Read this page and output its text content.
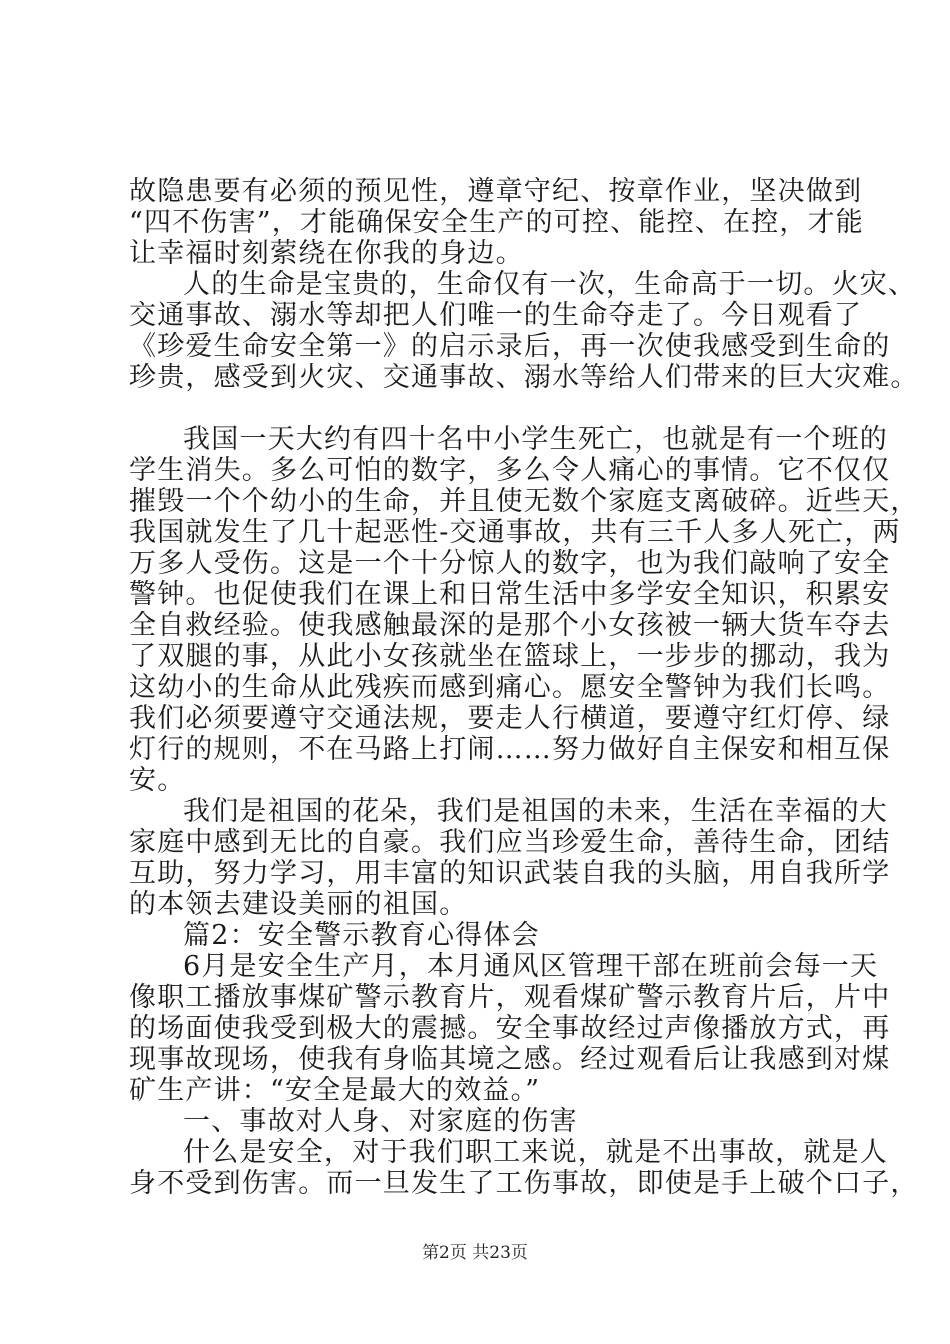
故隐患要有必须的预见性，遵章守纪、按章作业，坚决做到
“四不伤害”，才能确保安全生产的可控、能控、在控，才能
让幸福时刻萦绕在你我的身边。
人的生命是宝贵的，生命仅有一次，生命高于一切。火灾、
交通事故、溺水等却把人们唯一的生命夺走了。今日观看了
《珍爱生命安全第一》的启示录后，再一次使我感受到生命的
珍贵，感受到火灾、交通事故、溺水等给人们带来的巨大灾难。
我国一天大约有四十名中小学生死亡，也就是有一个班的
学生消失。多么可怕的数字，多么令人痛心的事情。它不仅仅
摧毁一个个幼小的生命，并且使无数个家庭支离破碎。近些天，
我国就发生了几十起恶性-交通事故，共有三千人多人死亡，两
万多人受伤。这是一个十分惊人的数字，也为我们敲响了安全
警钟。也促使我们在课上和日常生活中多学安全知识，积累安
全自救经验。使我感触最深的是那个小女孩被一辆大货车夺去
了双腿的事，从此小女孩就坐在篮球上，一步步的挪动，我为
这幼小的生命从此残疾而感到痛心。愿安全警钟为我们长鸣。
我们必须要遵守交通法规，要走人行横道，要遵守红灯停、绿
灯行的规则，不在马路上打闹……努力做好自主保安和相互保
安。
我们是祖国的花朵，我们是祖国的未来，生活在幸福的大
家庭中感到无比的自豪。我们应当珍爱生命，善待生命，团结
互助，努力学习，用丰富的知识武装自我的头脑，用自我所学
的本领去建设美丽的祖国。
篇2：安全警示教育心得体会
6月是安全生产月，本月通风区管理干部在班前会每一天
像职工播放事煤矿警示教育片，观看煤矿警示教育片后，片中
的场面使我受到极大的震撼。安全事故经过声像播放方式，再
现事故现场，使我有身临其境之感。经过观看后让我感到对煤
矿生产讲：“安全是最大的效益。”
一、事故对人身、对家庭的伤害
什么是安全，对于我们职工来说，就是不出事故，就是人
身不受到伤害。而一旦发生了工伤事故，即使是手上破个口子，
第2页 共23页
